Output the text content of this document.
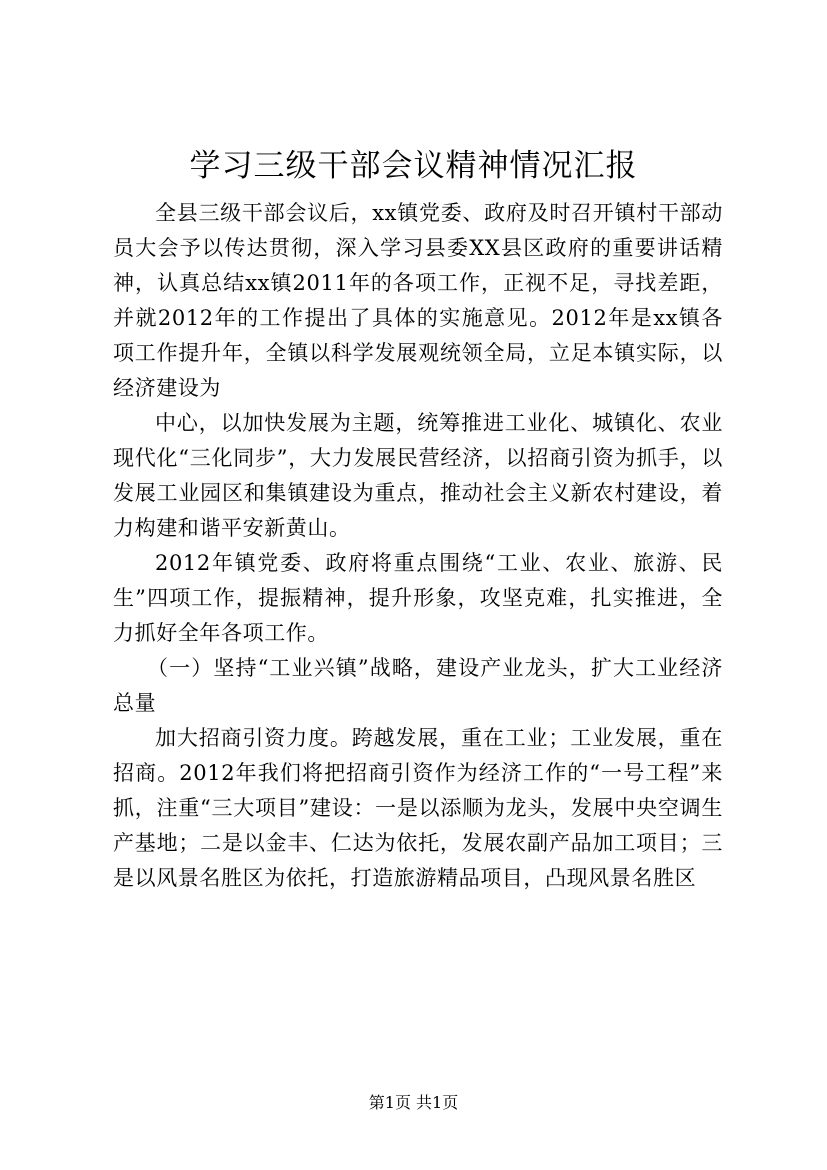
学习三级干部会议精神情况汇报

全县三级干部会议后，xx镇党委、政府及时召开镇村干部动员大会予以传达贯彻，深入学习县委XX县区政府的重要讲话精神，认真总结xx镇2011年的各项工作，正视不足，寻找差距，并就2012年的工作提出了具体的实施意见。2012年是xx镇各项工作提升年，全镇以科学发展观统领全局，立足本镇实际，以经济建设为

中心，以加快发展为主题，统筹推进工业化、城镇化、农业现代化“三化同步”，大力发展民营经济，以招商引资为抓手，以发展工业园区和集镇建设为重点，推动社会主义新农村建设，着力构建和谐平安新黄山。

2012年镇党委、政府将重点围绕“工业、农业、旅游、民生”四项工作，提振精神，提升形象，攻坚克难，扎实推进，全力抓好全年各项工作。

（一）坚持“工业兴镇”战略，建设产业龙头，扩大工业经济总量

加大招商引资力度。跨越发展，重在工业；工业发展，重在招商。2012年我们将把招商引资作为经济工作的“一号工程”来抓，注重“三大项目”建设：一是以添顺为龙头，发展中央空调生产基地；二是以金丰、仁达为依托，发展农副产品加工项目；三是以风景名胜区为依托，打造旅游精品项目，凸现风景名胜区

第1页 共1页
